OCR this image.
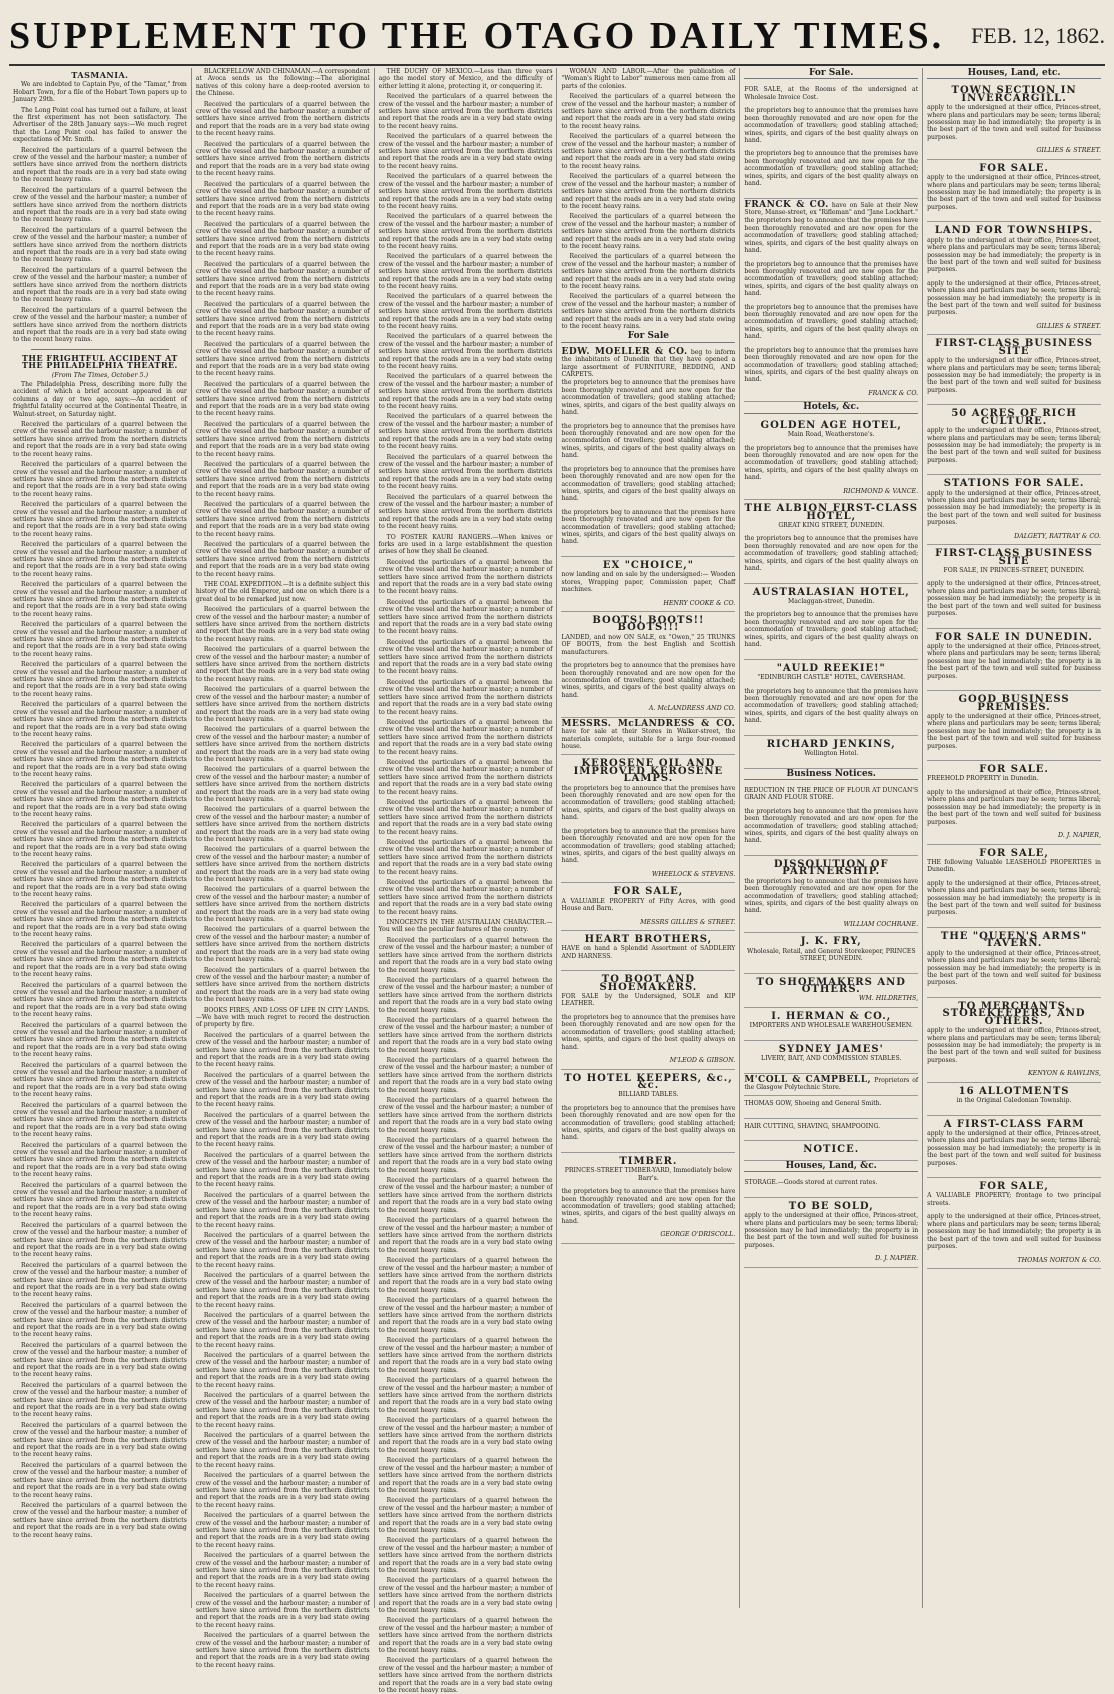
SUPPLEMENT TO THE OTAGO DAILY TIMES. FEB. 12, 1862.
TASMANIA.

We are indebted to Captain Pye, of the "Tamar," from Hobart Town, for a file of the Hobart Town papers up to January 29th.

The Long Point coal has turned out a failure, at least the first experiment has not been satisfactory. The Advertiser of the 28th January says:—We much regret that the Long Point coal has failed to answer the expectations of Mr. Smith.

Received the particulars of a quarrel between the crew of the vessel and the harbour master; a number of settlers have since arrived from the northern districts and report that the roads are in a very bad state owing to the recent heavy rains.

Received the particulars of a quarrel between the crew of the vessel and the harbour master; a number of settlers have since arrived from the northern districts and report that the roads are in a very bad state owing to the recent heavy rains.

Received the particulars of a quarrel between the crew of the vessel and the harbour master; a number of settlers have since arrived from the northern districts and report that the roads are in a very bad state owing to the recent heavy rains.

Received the particulars of a quarrel between the crew of the vessel and the harbour master; a number of settlers have since arrived from the northern districts and report that the roads are in a very bad state owing to the recent heavy rains.

Received the particulars of a quarrel between the crew of the vessel and the harbour master; a number of settlers have since arrived from the northern districts and report that the roads are in a very bad state owing to the recent heavy rains.

THE FRIGHTFUL ACCIDENT AT THE PHILADELPHIA THEATRE.
(From The Times, October 5.)

The Philadelphia Press, describing more fully the accident of which a brief account appeared in our columns a day or two ago, says:—An accident of frightful fatality occurred at the Continental Theatre, in Walnut-street, on Saturday night.

Received the particulars of a quarrel between the crew of the vessel and the harbour master; a number of settlers have since arrived from the northern districts and report that the roads are in a very bad state owing to the recent heavy rains.

Received the particulars of a quarrel between the crew of the vessel and the harbour master; a number of settlers have since arrived from the northern districts and report that the roads are in a very bad state owing to the recent heavy rains.

Received the particulars of a quarrel between the crew of the vessel and the harbour master; a number of settlers have since arrived from the northern districts and report that the roads are in a very bad state owing to the recent heavy rains.

Received the particulars of a quarrel between the crew of the vessel and the harbour master; a number of settlers have since arrived from the northern districts and report that the roads are in a very bad state owing to the recent heavy rains.

Received the particulars of a quarrel between the crew of the vessel and the harbour master; a number of settlers have since arrived from the northern districts and report that the roads are in a very bad state owing to the recent heavy rains.

Received the particulars of a quarrel between the crew of the vessel and the harbour master; a number of settlers have since arrived from the northern districts and report that the roads are in a very bad state owing to the recent heavy rains.

Received the particulars of a quarrel between the crew of the vessel and the harbour master; a number of settlers have since arrived from the northern districts and report that the roads are in a very bad state owing to the recent heavy rains.

Received the particulars of a quarrel between the crew of the vessel and the harbour master; a number of settlers have since arrived from the northern districts and report that the roads are in a very bad state owing to the recent heavy rains.

Received the particulars of a quarrel between the crew of the vessel and the harbour master; a number of settlers have since arrived from the northern districts and report that the roads are in a very bad state owing to the recent heavy rains.

Received the particulars of a quarrel between the crew of the vessel and the harbour master; a number of settlers have since arrived from the northern districts and report that the roads are in a very bad state owing to the recent heavy rains.

Received the particulars of a quarrel between the crew of the vessel and the harbour master; a number of settlers have since arrived from the northern districts and report that the roads are in a very bad state owing to the recent heavy rains.

Received the particulars of a quarrel between the crew of the vessel and the harbour master; a number of settlers have since arrived from the northern districts and report that the roads are in a very bad state owing to the recent heavy rains.

Received the particulars of a quarrel between the crew of the vessel and the harbour master; a number of settlers have since arrived from the northern districts and report that the roads are in a very bad state owing to the recent heavy rains.

Received the particulars of a quarrel between the crew of the vessel and the harbour master; a number of settlers have since arrived from the northern districts and report that the roads are in a very bad state owing to the recent heavy rains.

Received the particulars of a quarrel between the crew of the vessel and the harbour master; a number of settlers have since arrived from the northern districts and report that the roads are in a very bad state owing to the recent heavy rains.

Received the particulars of a quarrel between the crew of the vessel and the harbour master; a number of settlers have since arrived from the northern districts and report that the roads are in a very bad state owing to the recent heavy rains.

Received the particulars of a quarrel between the crew of the vessel and the harbour master; a number of settlers have since arrived from the northern districts and report that the roads are in a very bad state owing to the recent heavy rains.

Received the particulars of a quarrel between the crew of the vessel and the harbour master; a number of settlers have since arrived from the northern districts and report that the roads are in a very bad state owing to the recent heavy rains.

Received the particulars of a quarrel between the crew of the vessel and the harbour master; a number of settlers have since arrived from the northern districts and report that the roads are in a very bad state owing to the recent heavy rains.

Received the particulars of a quarrel between the crew of the vessel and the harbour master; a number of settlers have since arrived from the northern districts and report that the roads are in a very bad state owing to the recent heavy rains.

Received the particulars of a quarrel between the crew of the vessel and the harbour master; a number of settlers have since arrived from the northern districts and report that the roads are in a very bad state owing to the recent heavy rains.

Received the particulars of a quarrel between the crew of the vessel and the harbour master; a number of settlers have since arrived from the northern districts and report that the roads are in a very bad state owing to the recent heavy rains.

Received the particulars of a quarrel between the crew of the vessel and the harbour master; a number of settlers have since arrived from the northern districts and report that the roads are in a very bad state owing to the recent heavy rains.

Received the particulars of a quarrel between the crew of the vessel and the harbour master; a number of settlers have since arrived from the northern districts and report that the roads are in a very bad state owing to the recent heavy rains.

Received the particulars of a quarrel between the crew of the vessel and the harbour master; a number of settlers have since arrived from the northern districts and report that the roads are in a very bad state owing to the recent heavy rains.

Received the particulars of a quarrel between the crew of the vessel and the harbour master; a number of settlers have since arrived from the northern districts and report that the roads are in a very bad state owing to the recent heavy rains.

Received the particulars of a quarrel between the crew of the vessel and the harbour master; a number of settlers have since arrived from the northern districts and report that the roads are in a very bad state owing to the recent heavy rains.

Received the particulars of a quarrel between the crew of the vessel and the harbour master; a number of settlers have since arrived from the northern districts and report that the roads are in a very bad state owing to the recent heavy rains.

BLACKFELLOW AND CHINAMAN.—A correspondent at Avoca sends us the following:—The aboriginal natives of this colony have a deep-rooted aversion to the Chinese.

Received the particulars of a quarrel between the crew of the vessel and the harbour master; a number of settlers have since arrived from the northern districts and report that the roads are in a very bad state owing to the recent heavy rains.

Received the particulars of a quarrel between the crew of the vessel and the harbour master; a number of settlers have since arrived from the northern districts and report that the roads are in a very bad state owing to the recent heavy rains.

Received the particulars of a quarrel between the crew of the vessel and the harbour master; a number of settlers have since arrived from the northern districts and report that the roads are in a very bad state owing to the recent heavy rains.

Received the particulars of a quarrel between the crew of the vessel and the harbour master; a number of settlers have since arrived from the northern districts and report that the roads are in a very bad state owing to the recent heavy rains.

Received the particulars of a quarrel between the crew of the vessel and the harbour master; a number of settlers have since arrived from the northern districts and report that the roads are in a very bad state owing to the recent heavy rains.

Received the particulars of a quarrel between the crew of the vessel and the harbour master; a number of settlers have since arrived from the northern districts and report that the roads are in a very bad state owing to the recent heavy rains.

Received the particulars of a quarrel between the crew of the vessel and the harbour master; a number of settlers have since arrived from the northern districts and report that the roads are in a very bad state owing to the recent heavy rains.

Received the particulars of a quarrel between the crew of the vessel and the harbour master; a number of settlers have since arrived from the northern districts and report that the roads are in a very bad state owing to the recent heavy rains.

Received the particulars of a quarrel between the crew of the vessel and the harbour master; a number of settlers have since arrived from the northern districts and report that the roads are in a very bad state owing to the recent heavy rains.

Received the particulars of a quarrel between the crew of the vessel and the harbour master; a number of settlers have since arrived from the northern districts and report that the roads are in a very bad state owing to the recent heavy rains.

Received the particulars of a quarrel between the crew of the vessel and the harbour master; a number of settlers have since arrived from the northern districts and report that the roads are in a very bad state owing to the recent heavy rains.

Received the particulars of a quarrel between the crew of the vessel and the harbour master; a number of settlers have since arrived from the northern districts and report that the roads are in a very bad state owing to the recent heavy rains.

THE COAL EXPEDITION.—It is a definite subject this history of the old Emperor, and one on which there is a great deal to be remarked just now.

Received the particulars of a quarrel between the crew of the vessel and the harbour master; a number of settlers have since arrived from the northern districts and report that the roads are in a very bad state owing to the recent heavy rains.

Received the particulars of a quarrel between the crew of the vessel and the harbour master; a number of settlers have since arrived from the northern districts and report that the roads are in a very bad state owing to the recent heavy rains.

Received the particulars of a quarrel between the crew of the vessel and the harbour master; a number of settlers have since arrived from the northern districts and report that the roads are in a very bad state owing to the recent heavy rains.

Received the particulars of a quarrel between the crew of the vessel and the harbour master; a number of settlers have since arrived from the northern districts and report that the roads are in a very bad state owing to the recent heavy rains.

Received the particulars of a quarrel between the crew of the vessel and the harbour master; a number of settlers have since arrived from the northern districts and report that the roads are in a very bad state owing to the recent heavy rains.

Received the particulars of a quarrel between the crew of the vessel and the harbour master; a number of settlers have since arrived from the northern districts and report that the roads are in a very bad state owing to the recent heavy rains.

Received the particulars of a quarrel between the crew of the vessel and the harbour master; a number of settlers have since arrived from the northern districts and report that the roads are in a very bad state owing to the recent heavy rains.

Received the particulars of a quarrel between the crew of the vessel and the harbour master; a number of settlers have since arrived from the northern districts and report that the roads are in a very bad state owing to the recent heavy rains.

Received the particulars of a quarrel between the crew of the vessel and the harbour master; a number of settlers have since arrived from the northern districts and report that the roads are in a very bad state owing to the recent heavy rains.

Received the particulars of a quarrel between the crew of the vessel and the harbour master; a number of settlers have since arrived from the northern districts and report that the roads are in a very bad state owing to the recent heavy rains.

BOOKS FIRES, AND LOSS OF LIFE IN CITY LANDS.—We have with much regret to record the destruction of property by fire.

Received the particulars of a quarrel between the crew of the vessel and the harbour master; a number of settlers have since arrived from the northern districts and report that the roads are in a very bad state owing to the recent heavy rains.

Received the particulars of a quarrel between the crew of the vessel and the harbour master; a number of settlers have since arrived from the northern districts and report that the roads are in a very bad state owing to the recent heavy rains.

Received the particulars of a quarrel between the crew of the vessel and the harbour master; a number of settlers have since arrived from the northern districts and report that the roads are in a very bad state owing to the recent heavy rains.

Received the particulars of a quarrel between the crew of the vessel and the harbour master; a number of settlers have since arrived from the northern districts and report that the roads are in a very bad state owing to the recent heavy rains.

Received the particulars of a quarrel between the crew of the vessel and the harbour master; a number of settlers have since arrived from the northern districts and report that the roads are in a very bad state owing to the recent heavy rains.

Received the particulars of a quarrel between the crew of the vessel and the harbour master; a number of settlers have since arrived from the northern districts and report that the roads are in a very bad state owing to the recent heavy rains.

Received the particulars of a quarrel between the crew of the vessel and the harbour master; a number of settlers have since arrived from the northern districts and report that the roads are in a very bad state owing to the recent heavy rains.

Received the particulars of a quarrel between the crew of the vessel and the harbour master; a number of settlers have since arrived from the northern districts and report that the roads are in a very bad state owing to the recent heavy rains.

Received the particulars of a quarrel between the crew of the vessel and the harbour master; a number of settlers have since arrived from the northern districts and report that the roads are in a very bad state owing to the recent heavy rains.

Received the particulars of a quarrel between the crew of the vessel and the harbour master; a number of settlers have since arrived from the northern districts and report that the roads are in a very bad state owing to the recent heavy rains.

Received the particulars of a quarrel between the crew of the vessel and the harbour master; a number of settlers have since arrived from the northern districts and report that the roads are in a very bad state owing to the recent heavy rains.

Received the particulars of a quarrel between the crew of the vessel and the harbour master; a number of settlers have since arrived from the northern districts and report that the roads are in a very bad state owing to the recent heavy rains.

Received the particulars of a quarrel between the crew of the vessel and the harbour master; a number of settlers have since arrived from the northern districts and report that the roads are in a very bad state owing to the recent heavy rains.

Received the particulars of a quarrel between the crew of the vessel and the harbour master; a number of settlers have since arrived from the northern districts and report that the roads are in a very bad state owing to the recent heavy rains.

Received the particulars of a quarrel between the crew of the vessel and the harbour master; a number of settlers have since arrived from the northern districts and report that the roads are in a very bad state owing to the recent heavy rains.

Received the particulars of a quarrel between the crew of the vessel and the harbour master; a number of settlers have since arrived from the northern districts and report that the roads are in a very bad state owing to the recent heavy rains.

THE DUCHY OF MEXICO.—Less than three years ago the model story of Mexico, and the difficulty of either letting it alone, protecting it, or conquering it.

Received the particulars of a quarrel between the crew of the vessel and the harbour master; a number of settlers have since arrived from the northern districts and report that the roads are in a very bad state owing to the recent heavy rains.

Received the particulars of a quarrel between the crew of the vessel and the harbour master; a number of settlers have since arrived from the northern districts and report that the roads are in a very bad state owing to the recent heavy rains.

Received the particulars of a quarrel between the crew of the vessel and the harbour master; a number of settlers have since arrived from the northern districts and report that the roads are in a very bad state owing to the recent heavy rains.

Received the particulars of a quarrel between the crew of the vessel and the harbour master; a number of settlers have since arrived from the northern districts and report that the roads are in a very bad state owing to the recent heavy rains.

Received the particulars of a quarrel between the crew of the vessel and the harbour master; a number of settlers have since arrived from the northern districts and report that the roads are in a very bad state owing to the recent heavy rains.

Received the particulars of a quarrel between the crew of the vessel and the harbour master; a number of settlers have since arrived from the northern districts and report that the roads are in a very bad state owing to the recent heavy rains.

Received the particulars of a quarrel between the crew of the vessel and the harbour master; a number of settlers have since arrived from the northern districts and report that the roads are in a very bad state owing to the recent heavy rains.

Received the particulars of a quarrel between the crew of the vessel and the harbour master; a number of settlers have since arrived from the northern districts and report that the roads are in a very bad state owing to the recent heavy rains.

Received the particulars of a quarrel between the crew of the vessel and the harbour master; a number of settlers have since arrived from the northern districts and report that the roads are in a very bad state owing to the recent heavy rains.

Received the particulars of a quarrel between the crew of the vessel and the harbour master; a number of settlers have since arrived from the northern districts and report that the roads are in a very bad state owing to the recent heavy rains.

Received the particulars of a quarrel between the crew of the vessel and the harbour master; a number of settlers have since arrived from the northern districts and report that the roads are in a very bad state owing to the recent heavy rains.

TO FOSTER KAURI RANGERS.—When knives or forks are used in a large establishment the question arises of how they shall be cleaned.

Received the particulars of a quarrel between the crew of the vessel and the harbour master; a number of settlers have since arrived from the northern districts and report that the roads are in a very bad state owing to the recent heavy rains.

Received the particulars of a quarrel between the crew of the vessel and the harbour master; a number of settlers have since arrived from the northern districts and report that the roads are in a very bad state owing to the recent heavy rains.

Received the particulars of a quarrel between the crew of the vessel and the harbour master; a number of settlers have since arrived from the northern districts and report that the roads are in a very bad state owing to the recent heavy rains.

Received the particulars of a quarrel between the crew of the vessel and the harbour master; a number of settlers have since arrived from the northern districts and report that the roads are in a very bad state owing to the recent heavy rains.

Received the particulars of a quarrel between the crew of the vessel and the harbour master; a number of settlers have since arrived from the northern districts and report that the roads are in a very bad state owing to the recent heavy rains.

Received the particulars of a quarrel between the crew of the vessel and the harbour master; a number of settlers have since arrived from the northern districts and report that the roads are in a very bad state owing to the recent heavy rains.

Received the particulars of a quarrel between the crew of the vessel and the harbour master; a number of settlers have since arrived from the northern districts and report that the roads are in a very bad state owing to the recent heavy rains.

Received the particulars of a quarrel between the crew of the vessel and the harbour master; a number of settlers have since arrived from the northern districts and report that the roads are in a very bad state owing to the recent heavy rains.

Received the particulars of a quarrel between the crew of the vessel and the harbour master; a number of settlers have since arrived from the northern districts and report that the roads are in a very bad state owing to the recent heavy rains.

INNOCENTS IN THE AUSTRALIAN CHARACTER.—You will see the peculiar features of the country.

Received the particulars of a quarrel between the crew of the vessel and the harbour master; a number of settlers have since arrived from the northern districts and report that the roads are in a very bad state owing to the recent heavy rains.

Received the particulars of a quarrel between the crew of the vessel and the harbour master; a number of settlers have since arrived from the northern districts and report that the roads are in a very bad state owing to the recent heavy rains.

Received the particulars of a quarrel between the crew of the vessel and the harbour master; a number of settlers have since arrived from the northern districts and report that the roads are in a very bad state owing to the recent heavy rains.

Received the particulars of a quarrel between the crew of the vessel and the harbour master; a number of settlers have since arrived from the northern districts and report that the roads are in a very bad state owing to the recent heavy rains.

Received the particulars of a quarrel between the crew of the vessel and the harbour master; a number of settlers have since arrived from the northern districts and report that the roads are in a very bad state owing to the recent heavy rains.

Received the particulars of a quarrel between the crew of the vessel and the harbour master; a number of settlers have since arrived from the northern districts and report that the roads are in a very bad state owing to the recent heavy rains.

Received the particulars of a quarrel between the crew of the vessel and the harbour master; a number of settlers have since arrived from the northern districts and report that the roads are in a very bad state owing to the recent heavy rains.

Received the particulars of a quarrel between the crew of the vessel and the harbour master; a number of settlers have since arrived from the northern districts and report that the roads are in a very bad state owing to the recent heavy rains.

Received the particulars of a quarrel between the crew of the vessel and the harbour master; a number of settlers have since arrived from the northern districts and report that the roads are in a very bad state owing to the recent heavy rains.

Received the particulars of a quarrel between the crew of the vessel and the harbour master; a number of settlers have since arrived from the northern districts and report that the roads are in a very bad state owing to the recent heavy rains.

Received the particulars of a quarrel between the crew of the vessel and the harbour master; a number of settlers have since arrived from the northern districts and report that the roads are in a very bad state owing to the recent heavy rains.

Received the particulars of a quarrel between the crew of the vessel and the harbour master; a number of settlers have since arrived from the northern districts and report that the roads are in a very bad state owing to the recent heavy rains.

Received the particulars of a quarrel between the crew of the vessel and the harbour master; a number of settlers have since arrived from the northern districts and report that the roads are in a very bad state owing to the recent heavy rains.

Received the particulars of a quarrel between the crew of the vessel and the harbour master; a number of settlers have since arrived from the northern districts and report that the roads are in a very bad state owing to the recent heavy rains.

Received the particulars of a quarrel between the crew of the vessel and the harbour master; a number of settlers have since arrived from the northern districts and report that the roads are in a very bad state owing to the recent heavy rains.

Received the particulars of a quarrel between the crew of the vessel and the harbour master; a number of settlers have since arrived from the northern districts and report that the roads are in a very bad state owing to the recent heavy rains.

Received the particulars of a quarrel between the crew of the vessel and the harbour master; a number of settlers have since arrived from the northern districts and report that the roads are in a very bad state owing to the recent heavy rains.

Received the particulars of a quarrel between the crew of the vessel and the harbour master; a number of settlers have since arrived from the northern districts and report that the roads are in a very bad state owing to the recent heavy rains.

Received the particulars of a quarrel between the crew of the vessel and the harbour master; a number of settlers have since arrived from the northern districts and report that the roads are in a very bad state owing to the recent heavy rains.

WOMAN AND LABOR.—After the publication of "Woman's Right to Labor" numerous men came from all parts of the colonies.

Received the particulars of a quarrel between the crew of the vessel and the harbour master; a number of settlers have since arrived from the northern districts and report that the roads are in a very bad state owing to the recent heavy rains.

Received the particulars of a quarrel between the crew of the vessel and the harbour master; a number of settlers have since arrived from the northern districts and report that the roads are in a very bad state owing to the recent heavy rains.

Received the particulars of a quarrel between the crew of the vessel and the harbour master; a number of settlers have since arrived from the northern districts and report that the roads are in a very bad state owing to the recent heavy rains.

Received the particulars of a quarrel between the crew of the vessel and the harbour master; a number of settlers have since arrived from the northern districts and report that the roads are in a very bad state owing to the recent heavy rains.

Received the particulars of a quarrel between the crew of the vessel and the harbour master; a number of settlers have since arrived from the northern districts and report that the roads are in a very bad state owing to the recent heavy rains.

Received the particulars of a quarrel between the crew of the vessel and the harbour master; a number of settlers have since arrived from the northern districts and report that the roads are in a very bad state owing to the recent heavy rains.

For Sale
EDW. MOELLER & CO. beg to inform the inhabitants of Dunedin that they have opened a large assortment of FURNITURE, BEDDING, AND CARPETS.

the proprietors beg to announce that the premises have been thoroughly renovated and are now open for the accommodation of travellers; good stabling attached; wines, spirits, and cigars of the best quality always on hand.

the proprietors beg to announce that the premises have been thoroughly renovated and are now open for the accommodation of travellers; good stabling attached; wines, spirits, and cigars of the best quality always on hand.

the proprietors beg to announce that the premises have been thoroughly renovated and are now open for the accommodation of travellers; good stabling attached; wines, spirits, and cigars of the best quality always on hand.

the proprietors beg to announce that the premises have been thoroughly renovated and are now open for the accommodation of travellers; good stabling attached; wines, spirits, and cigars of the best quality always on hand.

EX "CHOICE,"

now landing and on sale by the undersigned:— Wooden stores, Wrapping paper, Commission paper, Chaff machines.

HENRY COOKE & CO.
BOOTS! BOOTS!! BOOTS!!!

LANDED, and now ON SALE, ex "Owen," 25 TRUNKS OF BOOTS, from the best English and Scottish manufacturers.

the proprietors beg to announce that the premises have been thoroughly renovated and are now open for the accommodation of travellers; good stabling attached; wines, spirits, and cigars of the best quality always on hand.

A. McLANDRESS AND CO.
MESSRS. McLANDRESS & CO. have for sale at their Stores in Walker-street, the materials complete, suitable for a large four-roomed house.
KEROSENE OIL AND IMPROVED KEROSENE LAMPS.

the proprietors beg to announce that the premises have been thoroughly renovated and are now open for the accommodation of travellers; good stabling attached; wines, spirits, and cigars of the best quality always on hand.

the proprietors beg to announce that the premises have been thoroughly renovated and are now open for the accommodation of travellers; good stabling attached; wines, spirits, and cigars of the best quality always on hand.

WHEELOCK & STEVENS.
FOR SALE,

A VALUABLE PROPERTY of Fifty Acres, with good House and Barn.

MESSRS GILLIES & STREET.
HEART BROTHERS,

HAVE on hand a Splendid Assortment of SADDLERY AND HARNESS.

TO BOOT AND SHOEMAKERS.

FOR SALE by the Undersigned, SOLE and KIP LEATHER.

the proprietors beg to announce that the premises have been thoroughly renovated and are now open for the accommodation of travellers; good stabling attached; wines, spirits, and cigars of the best quality always on hand.

M'LEOD & GIBSON.
TO HOTEL KEEPERS, &c., &c.

BILLIARD TABLES.

the proprietors beg to announce that the premises have been thoroughly renovated and are now open for the accommodation of travellers; good stabling attached; wines, spirits, and cigars of the best quality always on hand.

TIMBER.

PRINCES-STREET TIMBER-YARD, Immediately below Barr's.

the proprietors beg to announce that the premises have been thoroughly renovated and are now open for the accommodation of travellers; good stabling attached; wines, spirits, and cigars of the best quality always on hand.

GEORGE O'DRISCOLL.
For Sale.

FOR SALE, at the Rooms of the undersigned at Wholesale Invoice Cost.

the proprietors beg to announce that the premises have been thoroughly renovated and are now open for the accommodation of travellers; good stabling attached; wines, spirits, and cigars of the best quality always on hand.

the proprietors beg to announce that the premises have been thoroughly renovated and are now open for the accommodation of travellers; good stabling attached; wines, spirits, and cigars of the best quality always on hand.

FRANCK & CO. have on Sale at their New Store, Manse-street, ex "Rifleman" and "Jane Lockhart."

the proprietors beg to announce that the premises have been thoroughly renovated and are now open for the accommodation of travellers; good stabling attached; wines, spirits, and cigars of the best quality always on hand.

the proprietors beg to announce that the premises have been thoroughly renovated and are now open for the accommodation of travellers; good stabling attached; wines, spirits, and cigars of the best quality always on hand.

the proprietors beg to announce that the premises have been thoroughly renovated and are now open for the accommodation of travellers; good stabling attached; wines, spirits, and cigars of the best quality always on hand.

the proprietors beg to announce that the premises have been thoroughly renovated and are now open for the accommodation of travellers; good stabling attached; wines, spirits, and cigars of the best quality always on hand.

FRANCK & CO.
Hotels, &c.
GOLDEN AGE HOTEL,

Main Road, Weatherstone's.

the proprietors beg to announce that the premises have been thoroughly renovated and are now open for the accommodation of travellers; good stabling attached; wines, spirits, and cigars of the best quality always on hand.

RICHMOND & VANCE.
THE ALBION FIRST-CLASS HOTEL,

GREAT KING STREET, DUNEDIN.

the proprietors beg to announce that the premises have been thoroughly renovated and are now open for the accommodation of travellers; good stabling attached; wines, spirits, and cigars of the best quality always on hand.

AUSTRALASIAN HOTEL,

Maclaggan-street, Dunedin.

the proprietors beg to announce that the premises have been thoroughly renovated and are now open for the accommodation of travellers; good stabling attached; wines, spirits, and cigars of the best quality always on hand.

"AULD REEKIE!"

"EDINBURGH CASTLE" HOTEL, CAVERSHAM.

the proprietors beg to announce that the premises have been thoroughly renovated and are now open for the accommodation of travellers; good stabling attached; wines, spirits, and cigars of the best quality always on hand.

RICHARD JENKINS,

Wellington Hotel.

Business Notices.

REDUCTION IN THE PRICE OF FLOUR AT DUNCAN'S GRAIN AND FLOUR STORE.

the proprietors beg to announce that the premises have been thoroughly renovated and are now open for the accommodation of travellers; good stabling attached; wines, spirits, and cigars of the best quality always on hand.

DISSOLUTION OF PARTNERSHIP.

the proprietors beg to announce that the premises have been thoroughly renovated and are now open for the accommodation of travellers; good stabling attached; wines, spirits, and cigars of the best quality always on hand.

WILLIAM COCHRANE.
J. K. FRY,

Wholesale, Retail, and General Storekeeper, PRINCES STREET, DUNEDIN.

TO SHOEMAKERS AND OTHERS.
WM. HILDRETHS,
I. HERMAN & CO.,

IMPORTERS AND WHOLESALE WAREHOUSEMEN.

SYDNEY JAMES'

LIVERY, BAIT, AND COMMISSION STABLES.

M'COLL & CAMPBELL, Proprietors of the Glasgow Polytechnic Store.

THOMAS GOW, Shoeing and General Smith.

HAIR CUTTING, SHAVING, SHAMPOOING.

NOTICE.
Houses, Land, &c.

STORAGE.—Goods stored at current rates.

TO BE SOLD,

apply to the undersigned at their office, Princes-street, where plans and particulars may be seen; terms liberal; possession may be had immediately; the property is in the best part of the town and well suited for business purposes.

D. J. NAPIER.
Houses, Land, etc.
TOWN SECTION IN INVERCARGILL.

apply to the undersigned at their office, Princes-street, where plans and particulars may be seen; terms liberal; possession may be had immediately; the property is in the best part of the town and well suited for business purposes.

GILLIES & STREET.
FOR SALE.

apply to the undersigned at their office, Princes-street, where plans and particulars may be seen; terms liberal; possession may be had immediately; the property is in the best part of the town and well suited for business purposes.

LAND FOR TOWNSHIPS.

apply to the undersigned at their office, Princes-street, where plans and particulars may be seen; terms liberal; possession may be had immediately; the property is in the best part of the town and well suited for business purposes.

apply to the undersigned at their office, Princes-street, where plans and particulars may be seen; terms liberal; possession may be had immediately; the property is in the best part of the town and well suited for business purposes.

GILLIES & STREET.
FIRST-CLASS BUSINESS SITE

apply to the undersigned at their office, Princes-street, where plans and particulars may be seen; terms liberal; possession may be had immediately; the property is in the best part of the town and well suited for business purposes.

50 ACRES OF RICH CULTURE.

apply to the undersigned at their office, Princes-street, where plans and particulars may be seen; terms liberal; possession may be had immediately; the property is in the best part of the town and well suited for business purposes.

STATIONS FOR SALE.

apply to the undersigned at their office, Princes-street, where plans and particulars may be seen; terms liberal; possession may be had immediately; the property is in the best part of the town and well suited for business purposes.

DALGETY, RATTRAY & CO.
FIRST-CLASS BUSINESS SITE

FOR SALE, IN PRINCES-STREET, DUNEDIN.

apply to the undersigned at their office, Princes-street, where plans and particulars may be seen; terms liberal; possession may be had immediately; the property is in the best part of the town and well suited for business purposes.

FOR SALE IN DUNEDIN.

apply to the undersigned at their office, Princes-street, where plans and particulars may be seen; terms liberal; possession may be had immediately; the property is in the best part of the town and well suited for business purposes.

GOOD BUSINESS PREMISES.

apply to the undersigned at their office, Princes-street, where plans and particulars may be seen; terms liberal; possession may be had immediately; the property is in the best part of the town and well suited for business purposes.

FOR SALE.

FREEHOLD PROPERTY in Dunedin.

apply to the undersigned at their office, Princes-street, where plans and particulars may be seen; terms liberal; possession may be had immediately; the property is in the best part of the town and well suited for business purposes.

D. J. NAPIER,
FOR SALE,

THE following Valuable LEASEHOLD PROPERTIES in Dunedin.

apply to the undersigned at their office, Princes-street, where plans and particulars may be seen; terms liberal; possession may be had immediately; the property is in the best part of the town and well suited for business purposes.

THE "QUEEN'S ARMS" TAVERN.

apply to the undersigned at their office, Princes-street, where plans and particulars may be seen; terms liberal; possession may be had immediately; the property is in the best part of the town and well suited for business purposes.

TO MERCHANTS, STOREKEEPERS, AND OTHERS.

apply to the undersigned at their office, Princes-street, where plans and particulars may be seen; terms liberal; possession may be had immediately; the property is in the best part of the town and well suited for business purposes.

KENYON & RAWLINS,
16 ALLOTMENTS

in the Original Caledonian Township.

A FIRST-CLASS FARM

apply to the undersigned at their office, Princes-street, where plans and particulars may be seen; terms liberal; possession may be had immediately; the property is in the best part of the town and well suited for business purposes.

FOR SALE,

A VALUABLE PROPERTY; frontage to two principal streets.

apply to the undersigned at their office, Princes-street, where plans and particulars may be seen; terms liberal; possession may be had immediately; the property is in the best part of the town and well suited for business purposes.

THOMAS NORTON & CO.
